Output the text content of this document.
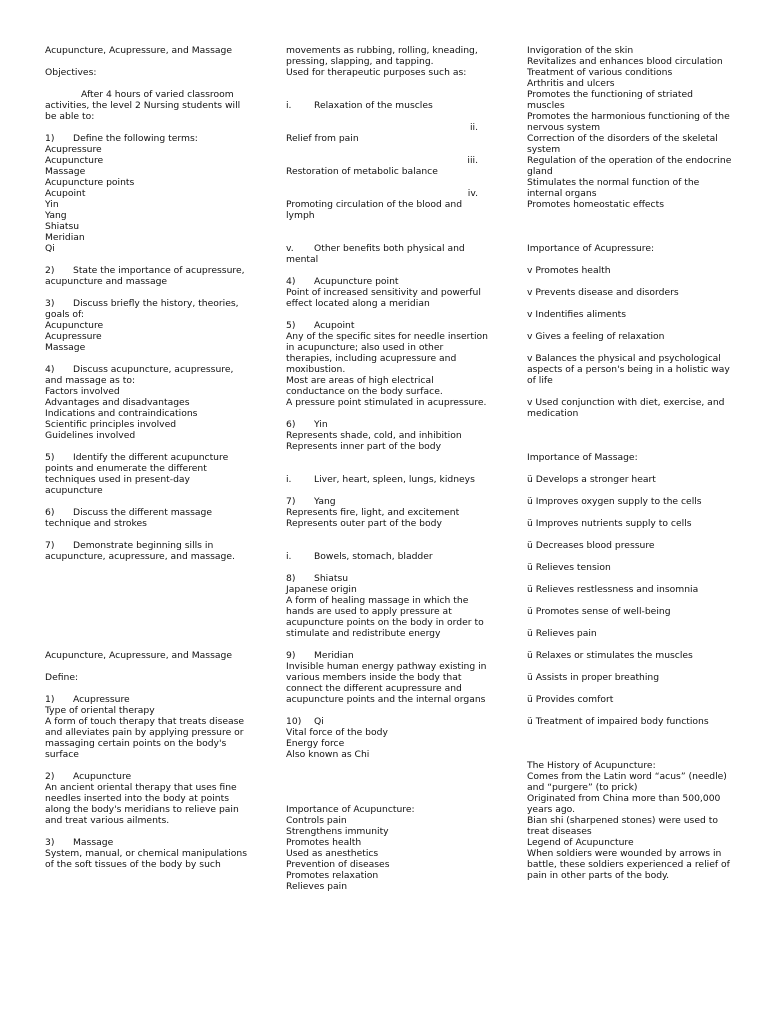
Acupuncture, Acupressure, and Massage
Objectives:
After 4 hours of varied classroom
activities, the level 2 Nursing students will
be able to:
1) Define the following terms:
Acupressure
Acupuncture
Massage
Acupuncture points
Acupoint
Yin
Yang
Shiatsu
Meridian
Qi
2) State the importance of acupressure,
acupuncture and massage
3) Discuss briefly the history, theories,
goals of:
Acupuncture
Acupressure
Massage
4) Discuss acupuncture, acupressure,
and massage as to:
Factors involved
Advantages and disadvantages
Indications and contraindications
Scientific principles involved
Guidelines involved
5) Identify the different acupuncture
points and enumerate the different
techniques used in present-day
acupuncture
6) Discuss the different massage
technique and strokes
7) Demonstrate beginning sills in
acupuncture, acupressure, and massage.
Acupuncture, Acupressure, and Massage
Define:
1) Acupressure
Type of oriental therapy
A form of touch therapy that treats disease
and alleviates pain by applying pressure or
massaging certain points on the body's
surface
2) Acupuncture
An ancient oriental therapy that uses fine
needles inserted into the body at points
along the body's meridians to relieve pain
and treat various ailments.
3) Massage
System, manual, or chemical manipulations
of the soft tissues of the body by such
movements as rubbing, rolling, kneading,
pressing, slapping, and tapping.
Used for therapeutic purposes such as:
i. Relaxation of the muscles
ii.
Relief from pain
iii.
Restoration of metabolic balance
iv.
Promoting circulation of the blood and
lymph
v. Other benefits both physical and
mental
4) Acupuncture point
Point of increased sensitivity and powerful
effect located along a meridian
5) Acupoint
Any of the specific sites for needle insertion
in acupuncture; also used in other
therapies, including acupressure and
moxibustion.
Most are areas of high electrical
conductance on the body surface.
A pressure point stimulated in acupressure.
6) Yin
Represents shade, cold, and inhibition
Represents inner part of the body
i. Liver, heart, spleen, lungs, kidneys
7) Yang
Represents fire, light, and excitement
Represents outer part of the body
i. Bowels, stomach, bladder
8) Shiatsu
Japanese origin
A form of healing massage in which the
hands are used to apply pressure at
acupuncture points on the body in order to
stimulate and redistribute energy
9) Meridian
Invisible human energy pathway existing in
various members inside the body that
connect the different acupressure and
acupuncture points and the internal organs
10) Qi
Vital force of the body
Energy force
Also known as Chi
Importance of Acupuncture:
Controls pain
Strengthens immunity
Promotes health
Used as anesthetics
Prevention of diseases
Promotes relaxation
Relieves pain
Invigoration of the skin
Revitalizes and enhances blood circulation
Treatment of various conditions
Arthritis and ulcers
Promotes the functioning of striated
muscles
Promotes the harmonious functioning of the
nervous system
Correction of the disorders of the skeletal
system
Regulation of the operation of the endocrine
gland
Stimulates the normal function of the
internal organs
Promotes homeostatic effects
Importance of Acupressure:
v Promotes health
v Prevents disease and disorders
v Indentifies aliments
v Gives a feeling of relaxation
v Balances the physical and psychological
aspects of a person's being in a holistic way
of life
v Used conjunction with diet, exercise, and
medication
Importance of Massage:
ü Develops a stronger heart
ü Improves oxygen supply to the cells
ü Improves nutrients supply to cells
ü Decreases blood pressure
ü Relieves tension
ü Relieves restlessness and insomnia
ü Promotes sense of well-being
ü Relieves pain
ü Relaxes or stimulates the muscles
ü Assists in proper breathing
ü Provides comfort
ü Treatment of impaired body functions
The History of Acupuncture:
Comes from the Latin word “acus” (needle)
and “purgere” (to prick)
Originated from China more than 500,000
years ago.
Bian shi (sharpened stones) were used to
treat diseases
Legend of Acupuncture
When soldiers were wounded by arrows in
battle, these soldiers experienced a relief of
pain in other parts of the body.
